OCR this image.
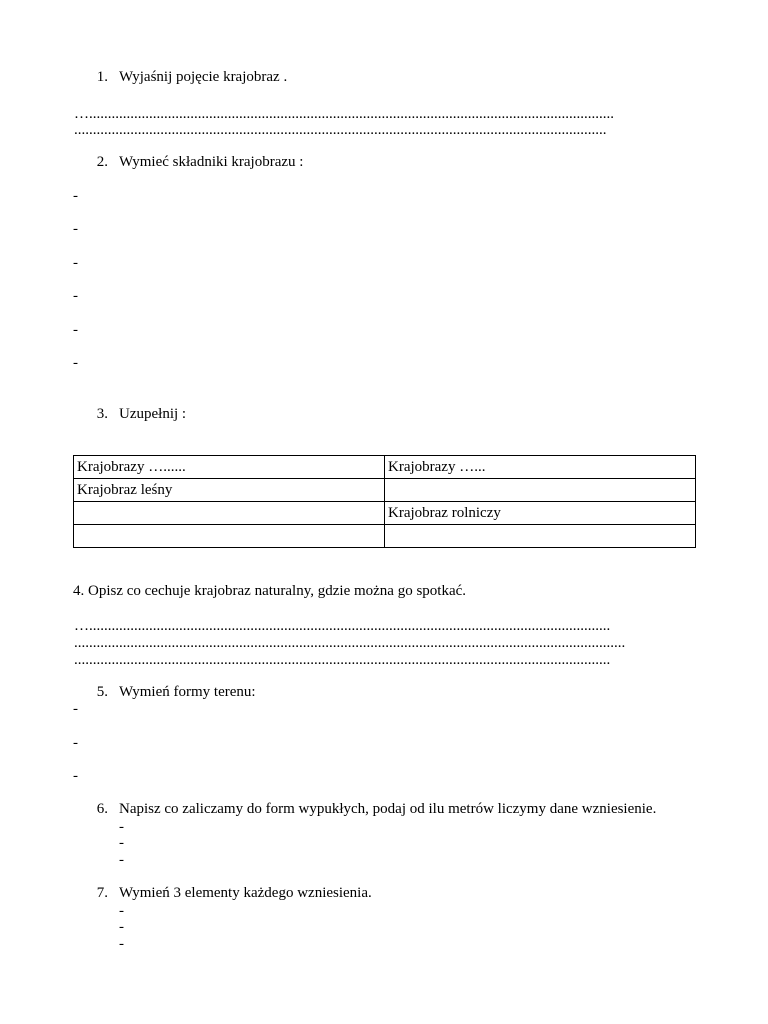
1. Wyjaśnij pojęcie krajobraz .
…............................................................................................................................................
..............................................................................................................................................
2. Wymieć składniki krajobrazu :
-
-
-
-
-
-
3. Uzupełnij :
Krajobrazy …......	Krajobrazy …...
Krajobraz leśny	
	Krajobraz rolniczy

4. Opisz co cechuje krajobraz naturalny, gdzie można go spotkać.
…...........................................................................................................................................
...................................................................................................................................................
...............................................................................................................................................
5. Wymień formy terenu:
-
-
-
6. Napisz co zaliczamy do form wypukłych, podaj od ilu metrów liczymy dane wzniesienie.
-
-
-
7. Wymień 3 elementy każdego wzniesienia.
-
-
-
